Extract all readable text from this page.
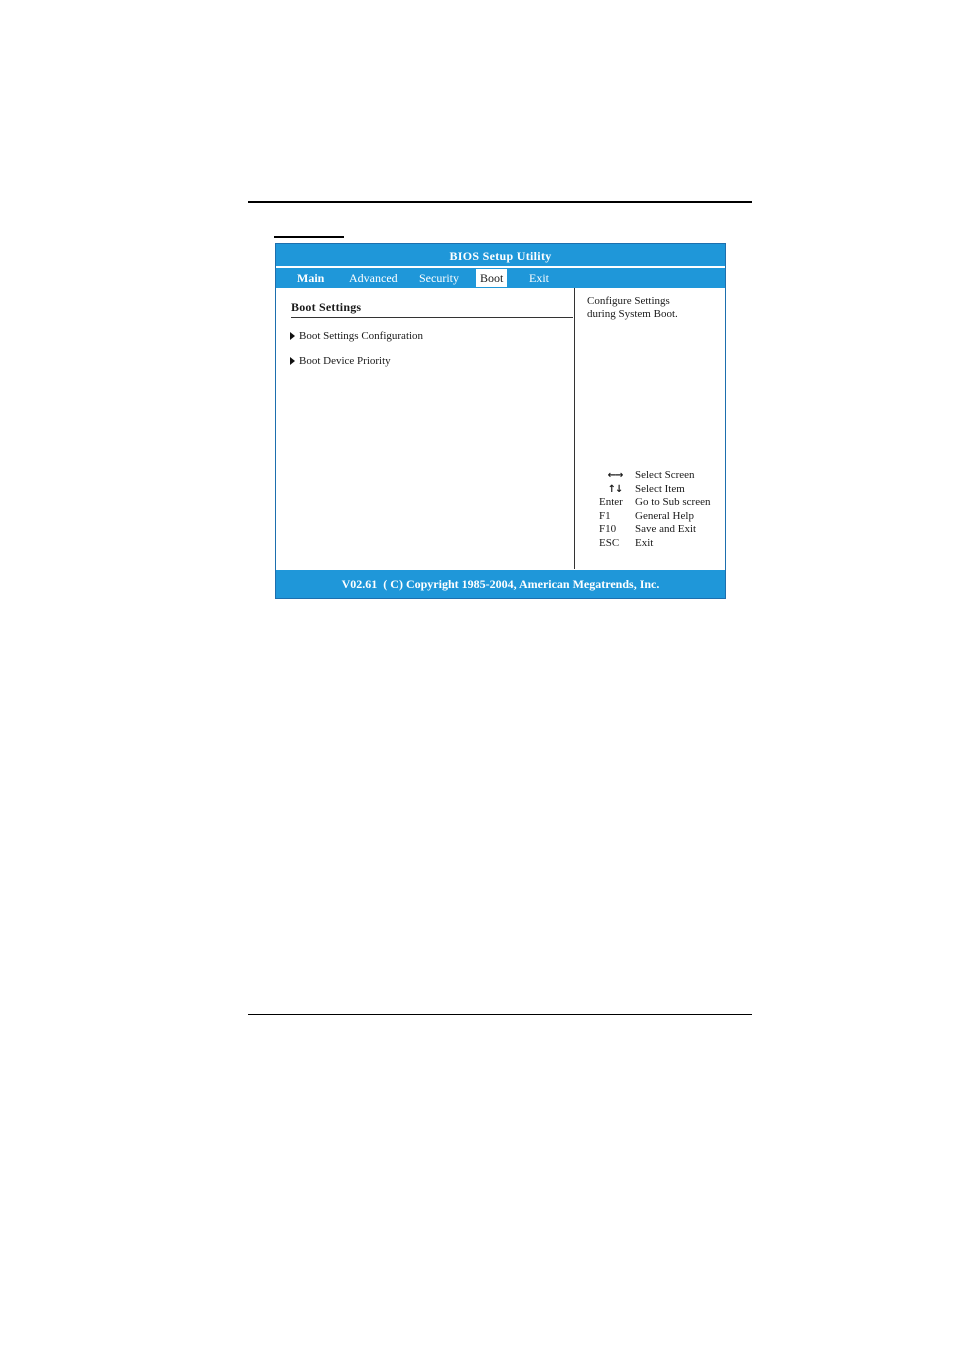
BIOS Setup Utility
Main Advanced Security	Boot	Exit
Boot Settings
Boot Settings Configuration
Boot Device Priority
Configure Settings
during System Boot.
←→	Select Screen
↑↓	Select Item
Enter	Go to Sub screen
F1	General Help
F10	Save and Exit
ESC	Exit
V02.61  ( C) Copyright 1985-2004, American Megatrends, Inc.
